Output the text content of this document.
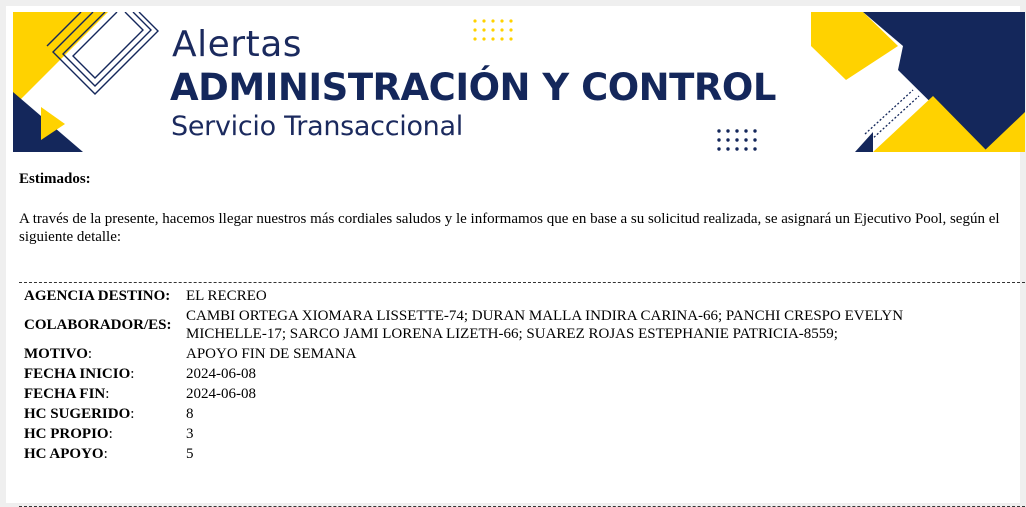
Alertas
ADMINISTRACIÓN Y CONTROL
Servicio Transaccional
Estimados:
A través de la presente, hacemos llegar nuestros más cordiales saludos y le informamos que en base a su solicitud realizada, se asignará un Ejecutivo Pool, según el siguiente detalle:
AGENCIA DESTINO:	EL RECREO
COLABORADOR/ES:	CAMBI ORTEGA XIOMARA LISSETTE-74; DURAN MALLA INDIRA CARINA-66; PANCHI CRESPO EVELYN MICHELLE-17; SARCO JAMI LORENA LIZETH-66; SUAREZ ROJAS ESTEPHANIE PATRICIA-8559;
MOTIVO:	APOYO FIN DE SEMANA
FECHA INICIO:	2024-06-08
FECHA FIN:	2024-06-08
HC SUGERIDO:	8
HC PROPIO:	3
HC APOYO:	5
